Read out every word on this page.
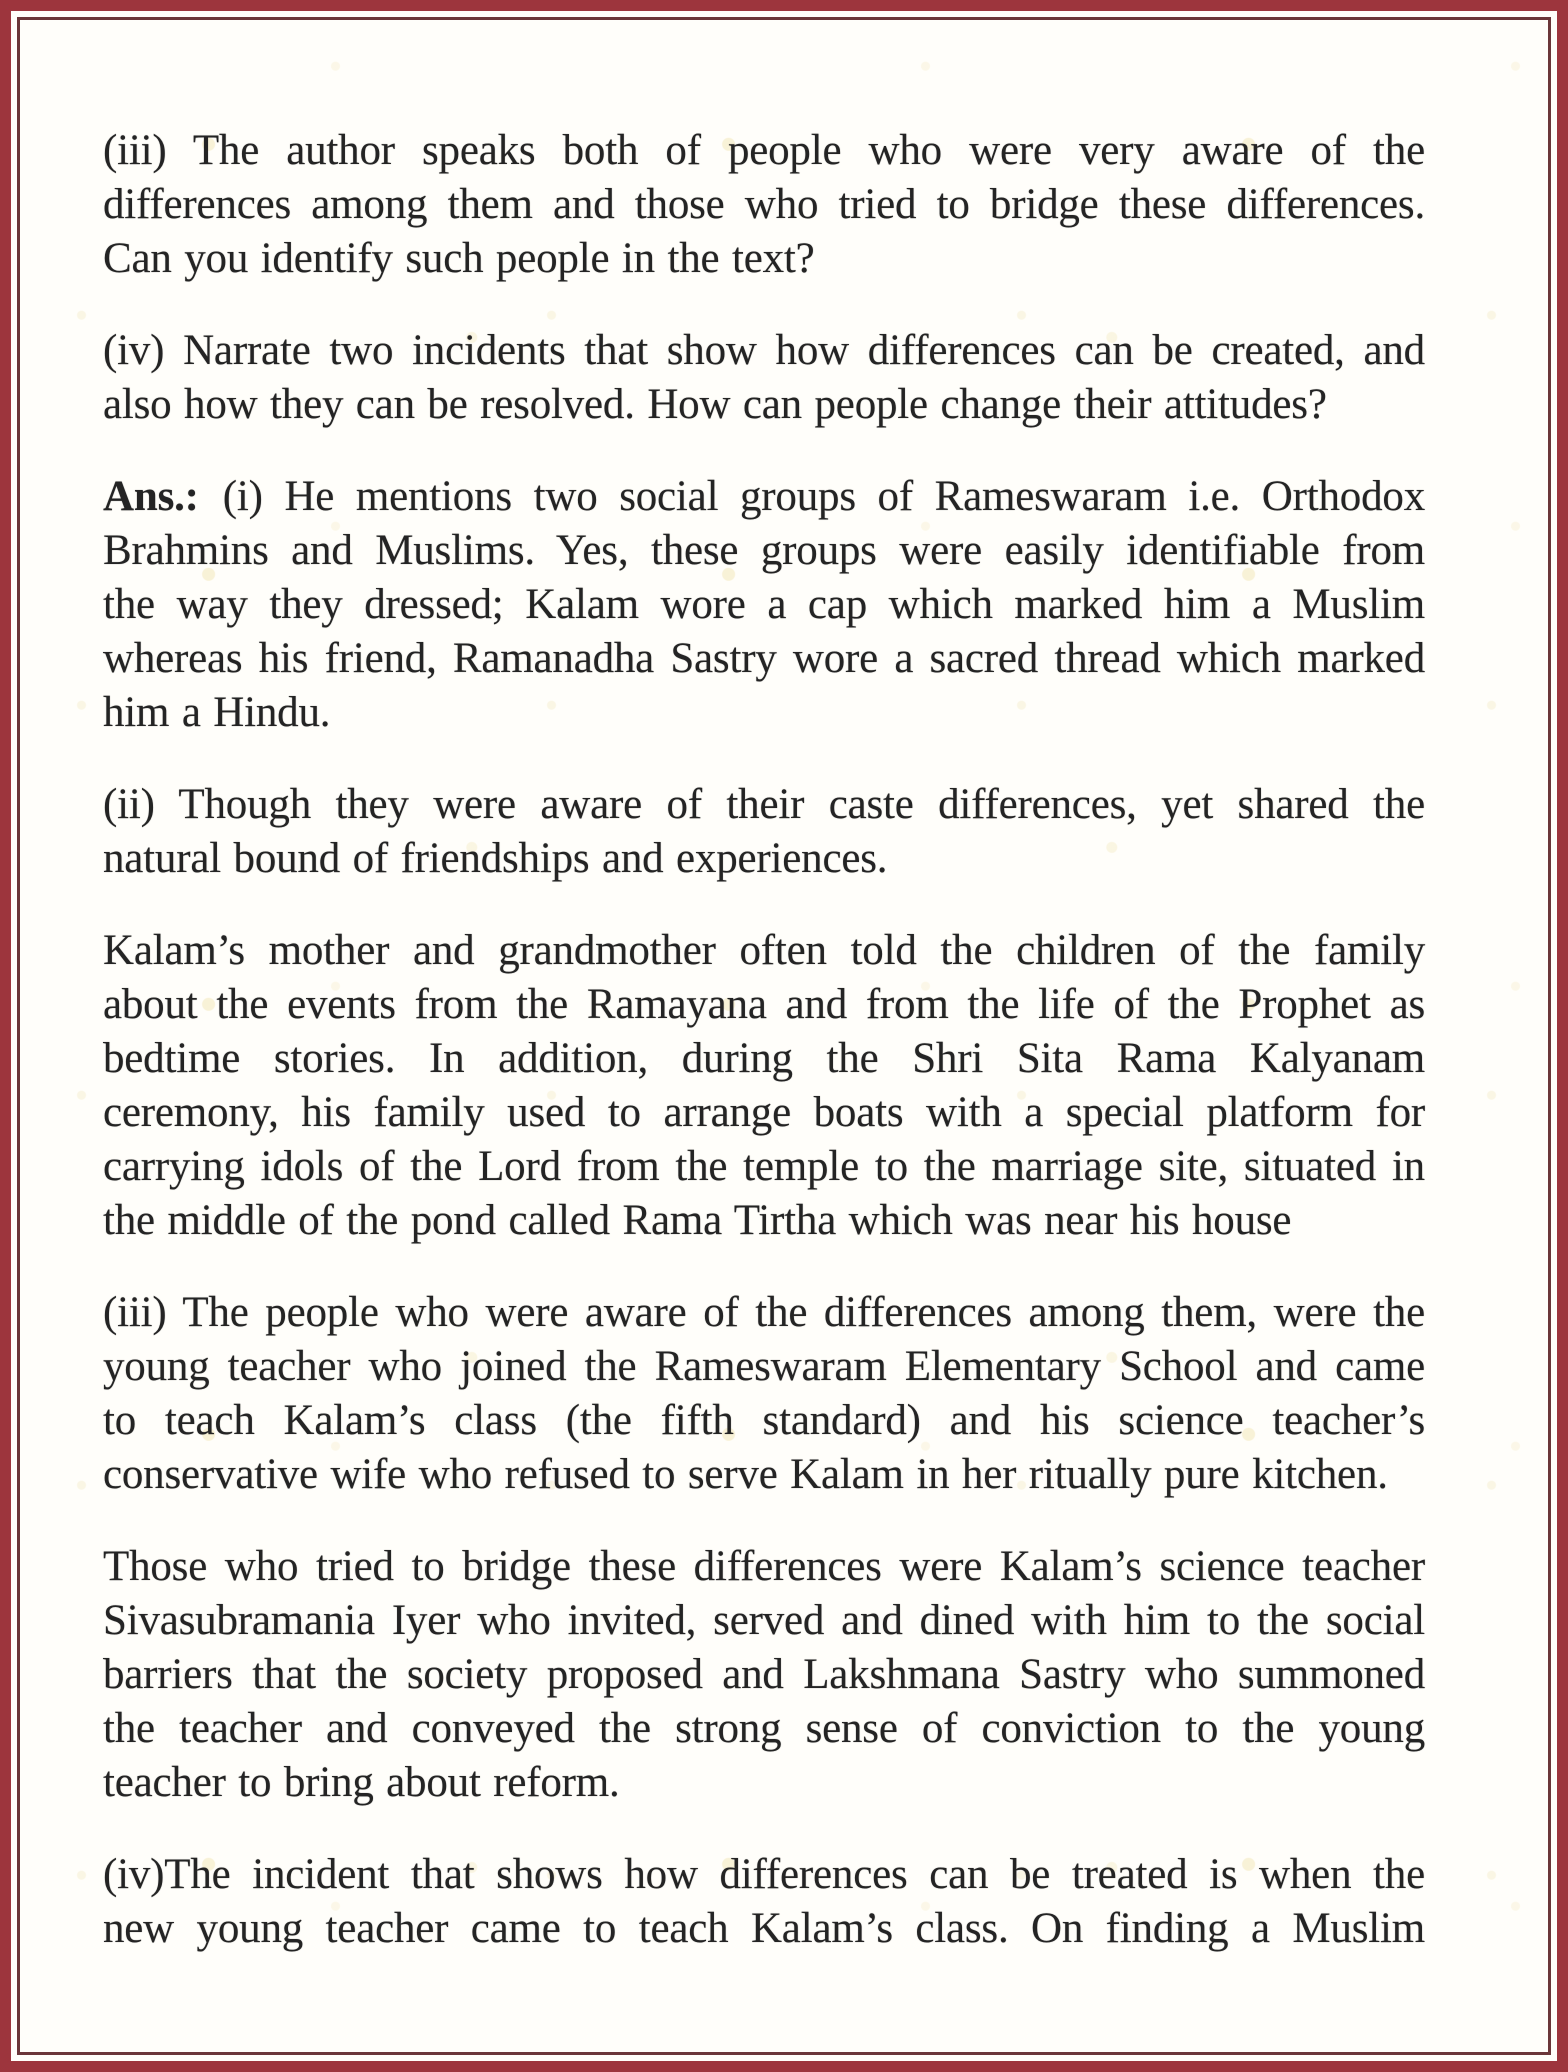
(iii) The author speaks both of people who were very aware of the
differences among them and those who tried to bridge these differences.
Can you identify such people in the text?
(iv) Narrate two incidents that show how differences can be created, and
also how they can be resolved. How can people change their attitudes?
Ans.: (i) He mentions two social groups of Rameswaram i.e. Orthodox
Brahmins and Muslims. Yes, these groups were easily identifiable from
the way they dressed; Kalam wore a cap which marked him a Muslim
whereas his friend, Ramanadha Sastry wore a sacred thread which marked
him a Hindu.
(ii) Though they were aware of their caste differences, yet shared the
natural bound of friendships and experiences.
Kalam’s mother and grandmother often told the children of the family
about the events from the Ramayana and from the life of the Prophet as
bedtime stories. In addition, during the Shri Sita Rama Kalyanam
ceremony, his family used to arrange boats with a special platform for
carrying idols of the Lord from the temple to the marriage site, situated in
the middle of the pond called Rama Tirtha which was near his house
(iii) The people who were aware of the differences among them, were the
young teacher who joined the Rameswaram Elementary School and came
to teach Kalam’s class (the fifth standard) and his science teacher’s
conservative wife who refused to serve Kalam in her ritually pure kitchen.
Those who tried to bridge these differences were Kalam’s science teacher
Sivasubramania Iyer who invited, served and dined with him to the social
barriers that the society proposed and Lakshmana Sastry who summoned
the teacher and conveyed the strong sense of conviction to the young
teacher to bring about reform.
(iv)The incident that shows how differences can be treated is when the
new young teacher came to teach Kalam’s class. On finding a Muslim
